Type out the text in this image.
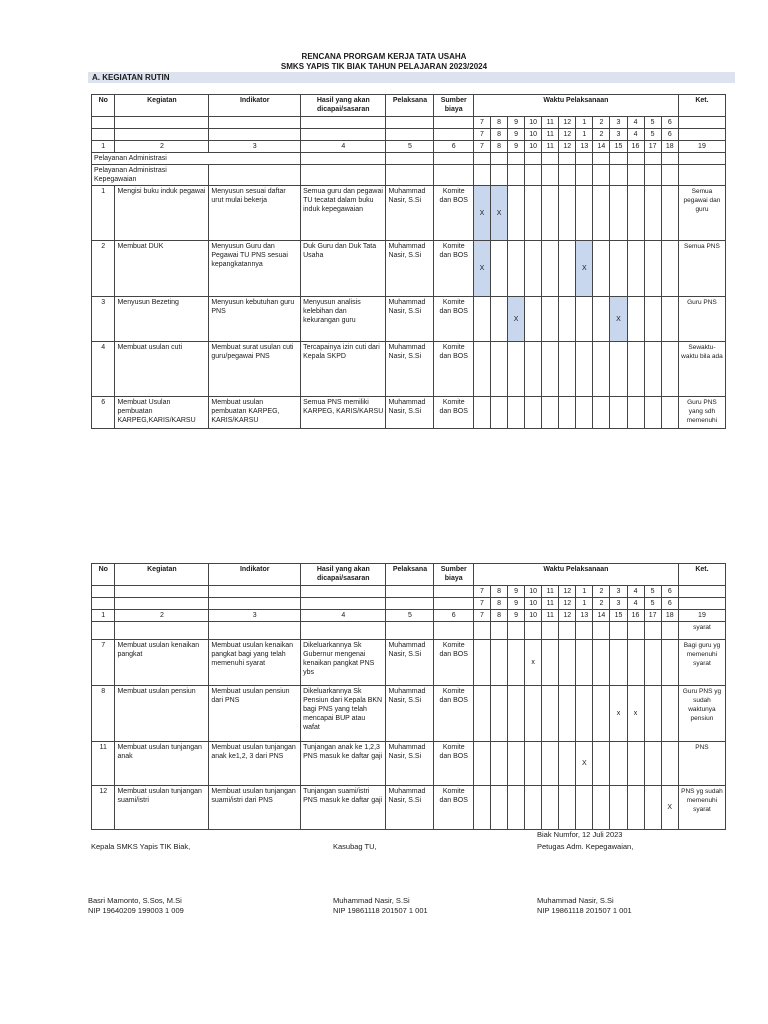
RENCANA PRORGAM KERJA TATA USAHA
SMKS YAPIS TIK BIAK TAHUN PELAJARAN 2023/2024
A. KEGIATAN RUTIN
No	Kegiatan	Indikator	Hasil yang akan dicapai/sasaran	Pelaksana	Sumber biaya	Waktu Pelaksanaan												Ket.
						7	8	9	10	11	12	1	2	3	4	5	6	
						7	8	9	10	11	12	1	2	3	4	5	6	
1	2	3	4	5	6	7	8	9	10	11	12	13	14	15	16	17	18	19
Pelayanan Administrasi																		
Pelayanan Administrasi Kepegawaian																		
1	Mengisi buku induk pegawai	Menyusun sesuai daftar urut mulai bekerja	Semua guru dan pegawai TU tecatat dalam buku induk kepegawaian	Muhammad Nasir, S.Si	Komite dan BOS	X	X											Semua pegawai dan guru
2	Membuat DUK	Menyusun Guru dan Pegawai TU PNS sesuai kepangkatannya	Duk Guru dan Duk Tata Usaha	Muhammad Nasir, S.Si	Komite dan BOS	X						X						Semua PNS
3	Menyusun Bezeting	Menyusun kebutuhan guru PNS	Menyusun analisis kelebihan dan kekurangan guru	Muhammad Nasir, S.Si	Komite dan BOS			X						X				Guru PNS
4	Membuat usulan cuti	Membuat surat usulan cuti guru/pegawai PNS	Tercapainya izin cuti dari Kepala SKPD	Muhammad Nasir, S.Si	Komite dan BOS													Sewaktu-waktu bila ada
6	Membuat Usulan pembuatan KARPEG,KARIS/KARSU	Membuat usulan pembuatan KARPEG, KARIS/KARSU	Semua PNS memiliki KARPEG, KARIS/KARSU	Muhammad Nasir, S.Si	Komite dan BOS													Guru PNS yang sdh memenuhi
No	Kegiatan	Indikator	Hasil yang akan dicapai/sasaran	Pelaksana	Sumber biaya	Waktu Pelaksanaan												Ket.
						7	8	9	10	11	12	1	2	3	4	5	6	
						7	8	9	10	11	12	1	2	3	4	5	6	
1	2	3	4	5	6	7	8	9	10	11	12	13	14	15	16	17	18	19
																		syarat
7	Membuat usulan kenaikan pangkat	Membuat usulan kenaikan pangkat bagi yang telah memenuhi syarat	Dikeluarkannya Sk Gubernur mengenai kenaikan pangkat PNS ybs	Muhammad Nasir, S.Si	Komite dan BOS				x									Bagi guru yg memenuhi syarat
8	Membuat usulan pensiun	Membuat usulan pensiun dari PNS	Dikeluarkannya Sk Pensiun dari Kepala BKN bagi PNS yang telah mencapai BUP atau wafat	Muhammad Nasir, S.Si	Komite dan BOS									x	x			Guru PNS yg sudah waktunya pensiun
11	Membuat usulan tunjangan anak	Membuat usulan tunjangan anak ke1,2, 3 dari PNS	Tunjangan anak ke 1,2,3 PNS masuk ke daftar gaji	Muhammad Nasir, S.Si	Komite dan BOS							X						PNS
12	Membuat usulan tunjangan suami/istri	Membuat usulan tunjangan suami/istri dari PNS	Tunjangan suami/istri PNS masuk ke daftar gaji	Muhammad Nasir, S.Si	Komite dan BOS												X	PNS yg sudah memenuhi syarat
Biak Numfor, 12 Juli 2023
Kepala SMKS Yapis TIK Biak,	Kasubag TU,	Petugas Adm. Kepegawaian,
Basri Mamonto, S.Sos, M.Si
NIP 19640209 199003 1 009
Muhammad Nasir, S.Si
NIP 19861118 201507 1 001
Muhammad Nasir, S.Si
NIP 19861118 201507 1 001
